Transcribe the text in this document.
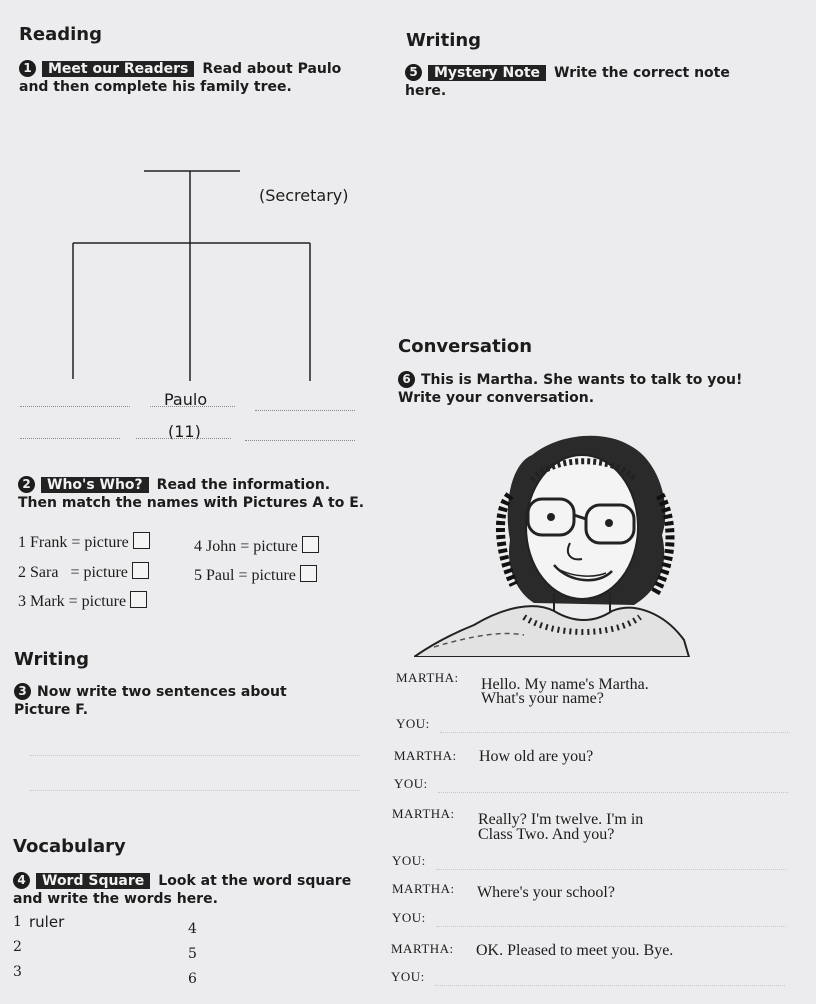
Reading
1 Meet our Readers Read about Paulo
and then complete his family tree.
(Secretary)
Paulo
(11)
2 Who's Who? Read the information.
Then match the names with Pictures A to E.
1 Frank = picture
2 Sara = picture
3 Mark = picture
4 John = picture
5 Paul = picture
Writing
3 Now write two sentences about
Picture F.
Vocabulary
4 Word Square Look at the word square
and write the words here.
1 ruler
2
3
4
5
6
Writing
5 Mystery Note Write the correct note
here.
Conversation
6 This is Martha. She wants to talk to you!
Write your conversation.
MARTHA: Hello. My name's Martha.
What's your name?
YOU:
MARTHA: How old are you?
YOU:
MARTHA: Really? I'm twelve. I'm in
Class Two. And you?
YOU:
MARTHA: Where's your school?
YOU:
MARTHA: OK. Pleased to meet you. Bye.
YOU:
